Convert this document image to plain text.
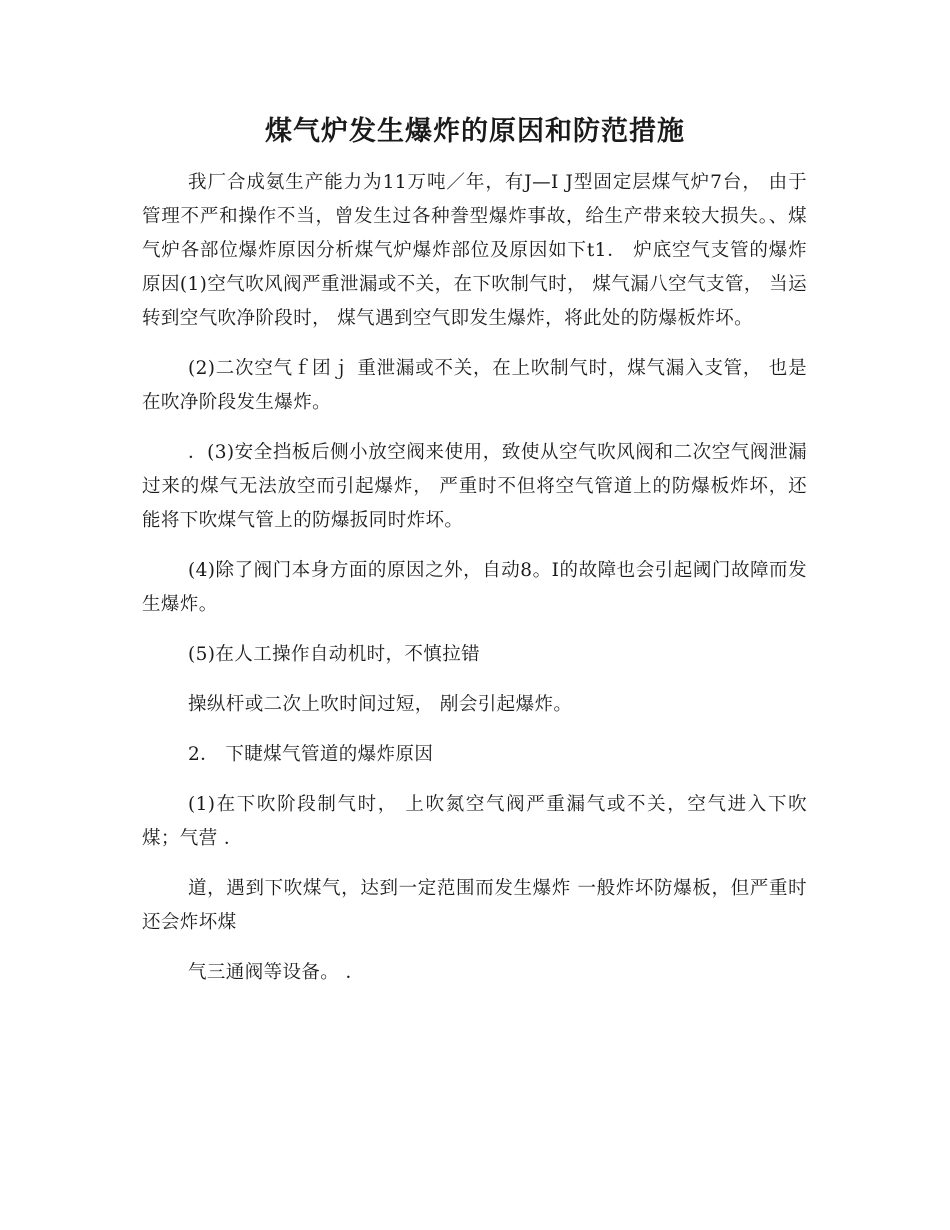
煤气炉发生爆炸的原因和防范措施

我厂合成氨生产能力为11万吨／年，有J—I J型固定层煤气炉7台， 由于管理不严和操作不当，曾发生过各种誊型爆炸事故，给生产带来较大损失。、煤气炉各部位爆炸原因分析煤气炉爆炸部位及原因如下t1． 炉底空气支管的爆炸原因(1)空气吹风阀严重泄漏或不关，在下吹制气时， 煤气漏八空气支管， 当运转到空气吹净阶段时， 煤气遇到空气即发生爆炸，将此处的防爆板炸坏。

(2)二次空气ｆ团ｊ 重泄漏或不关，在上吹制气时，煤气漏入支管， 也是在吹净阶段发生爆炸。

．(3)安全挡板后侧小放空阀来使用，致使从空气吹风阀和二次空气阀泄漏过来的煤气无法放空而引起爆炸， 严重时不但将空气管道上的防爆板炸坏，还能将下吹煤气管上的防爆扳同时炸坏。

(4)除了阀门本身方面的原因之外，自动8。I的故障也会引起阈门故障而发生爆炸。

(5)在人工操作自动机时，不慎拉错

操纵杆或二次上吹时间过短， 剐会引起爆炸。

2． 下睫煤气管道的爆炸原因

(1)在下吹阶段制气时， 上吹氮空气阀严重漏气或不关，空气进入下吹煤；气营 ．

道，遇到下吹煤气，达到一定范围而发生爆炸 一般炸坏防爆板，但严重时还会炸坏煤

气三通阀等设备。 ．
